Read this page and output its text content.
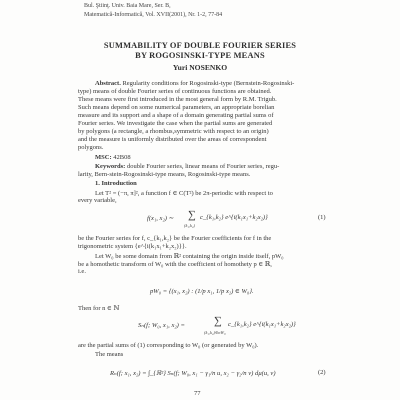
Bul. Ştiinţ. Univ. Baia Mare, Ser. B,
Matematică-Informatică, Vol. XVII(2001), Nr. 1-2, 77-84
SUMMABILITY OF DOUBLE FOURIER SERIES
BY ROGOSINSKI-TYPE MEANS
Yuri NOSENKO
Abstract. Regularity conditions for Rogosinski-type (Bernstein-Rogosinski-
type) means of double Fourier series of continuous functions are obtained.
These means were first introduced in the most general form by R.M. Trigub.
Such means depend on some numerical parameters, an appropriate borelian
measure and its support and a shape of a domain generating partial sums of
Fourier series. We investigate the case when the partial sums are generated
by polygons (a rectangle, a rhombus,symmetric with respect to an origin)
and the measure is uniformly distributed over the areas of correspondent
polygons.
MSC: 42B08
Keywords: double Fourier series, linear means of Fourier series, regu-
larity, Bern-stein-Rogosinski-type means, Rogosinski-type means.
1. Introduction
Let T² = (−π, π]², a function f ∈ C(T²) be 2π-periodic with respect to
every variable,
f(x₁, x₂) ∼ ∑
(k₁,k₂)
c_{k₁,k₂} e^{i(k₁x₁+k₂x₂)}	(1)
be the Fourier series for f, c_{k₁,k₂} be the Fourier coefficients for f in the
trigonometric system {e^{i(k₁x₁+k₂x₂)}}.
Let W₀ be some domain from ℝ² containing the origin inside itself, pW₀
be a homothetic transform of W₀ with the coefficient of homothety p ∈ ℝ,
i.e.
pW₀ = {(x₁, x₂) : (1/p x₁, 1/p x₂) ∈ W₀}.
Then for n ∈ ℕ
Sₙ(f; W₀, x₁, x₂) =	∑
(k₁,k₂)∈nW₀
c_{k₁,k₂} e^{i(k₁x₁+k₂x₂)}
are the partial sums of (1) corresponding to W₀ (or generated by W₀).
The means
Rₙ(f; x₁, x₂) = ∫_{ℝ²} Sₙ(f; W₀, x₁ − γ₁/n u, x₂ − γ₂/n v) dμ(u, v)	(2)
77
